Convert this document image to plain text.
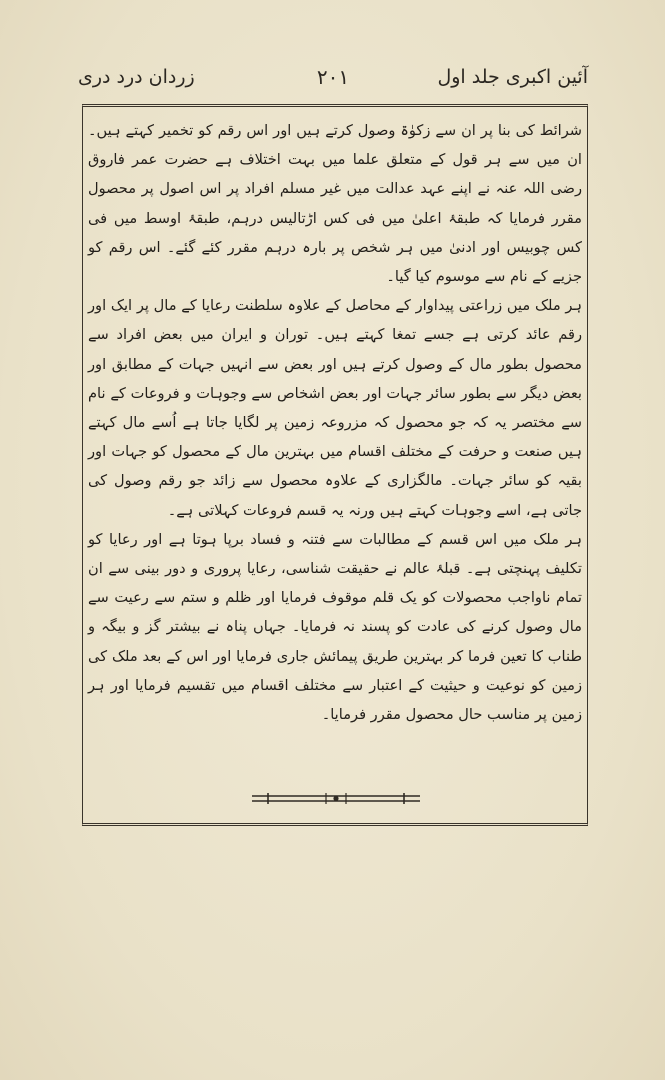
آئین اکبری جلد اول
۲۰۱
زردان درد دری

شرائط کی بنا پر ان سے زکوٰۃ وصول کرتے ہیں اور اس رقم کو تخمیر کہتے ہیں۔ ان میں سے ہر قول کے متعلق علما میں بہت اختلاف ہے حضرت عمر فاروق رضی اللہ عنہ نے اپنے عہد عدالت میں غیر مسلم افراد پر اس اصول پر محصول مقرر فرمایا کہ طبقۂ اعلیٰ میں فی کس اڑتالیس درہم، طبقۂ اوسط میں فی کس چوبیس اور ادنیٰ میں ہر شخص پر بارہ درہم مقرر کئے گئے۔ اس رقم کو جزیے کے نام سے موسوم کیا گیا۔

ہر ملک میں زراعتی پیداوار کے محاصل کے علاوہ سلطنت رعایا کے مال پر ایک اور رقم عائد کرتی ہے جسے تمغا کہتے ہیں۔ توران و ایران میں بعض افراد سے محصول بطور مال کے وصول کرتے ہیں اور بعض سے انہیں جہات کے مطابق اور بعض دیگر سے بطور سائر جہات اور بعض اشخاص سے وجوہات و فروعات کے نام سے مختصر یہ کہ جو محصول کہ مزروعہ زمین پر لگایا جاتا ہے اُسے مال کہتے ہیں صنعت و حرفت کے مختلف اقسام میں بہترین مال کے محصول کو جہات اور بقیہ کو سائر جہات۔ مالگزاری کے علاوہ محصول سے زائد جو رقم وصول کی جاتی ہے، اسے وجوہات کہتے ہیں ورنہ یہ قسم فروعات کہلاتی ہے۔

ہر ملک میں اس قسم کے مطالبات سے فتنہ و فساد برپا ہوتا ہے اور رعایا کو تکلیف پہنچتی ہے۔ قبلۂ عالم نے حقیقت شناسی، رعایا پروری و دور بینی سے ان تمام ناواجب محصولات کو یک قلم موقوف فرمایا اور ظلم و ستم سے رعیت سے مال وصول کرنے کی عادت کو پسند نہ فرمایا۔ جہاں پناہ نے بیشتر گز و بیگہ و طناب کا تعین فرما کر بہترین طریق پیمائش جاری فرمایا اور اس کے بعد ملک کی زمین کو نوعیت و حیثیت کے اعتبار سے مختلف اقسام میں تقسیم فرمایا اور ہر زمین پر مناسب حال محصول مقرر فرمایا۔
